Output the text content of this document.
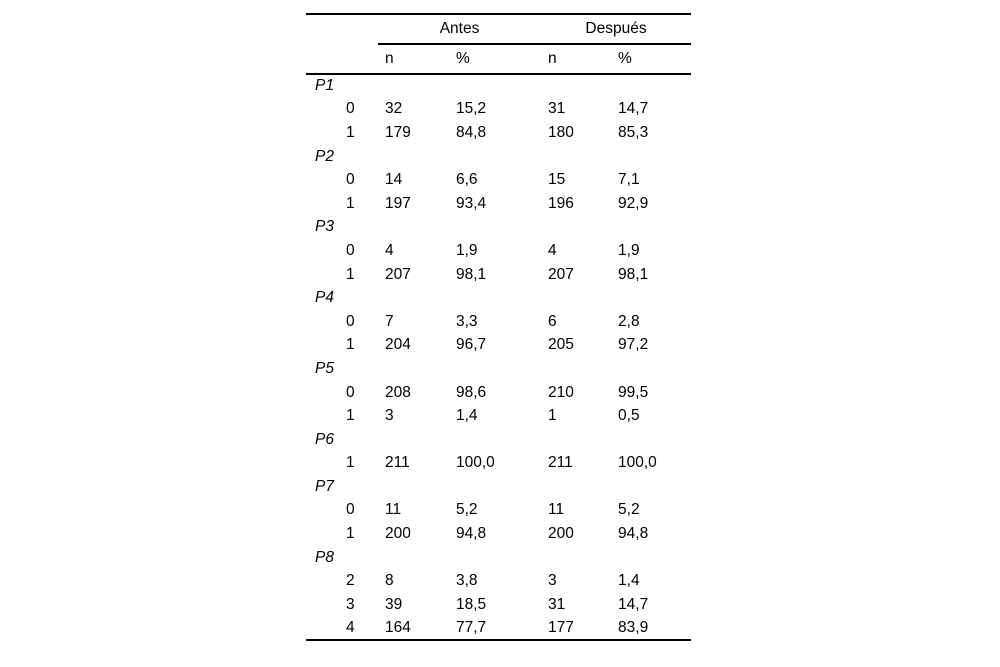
	Antes		Después	
	n	%	n	%
P1				
0	32	15,2	31	14,7
1	179	84,8	180	85,3
P2				
0	14	6,6	15	7,1
1	197	93,4	196	92,9
P3				
0	4	1,9	4	1,9
1	207	98,1	207	98,1
P4				
0	7	3,3	6	2,8
1	204	96,7	205	97,2
P5				
0	208	98,6	210	99,5
1	3	1,4	1	0,5
P6				
1	211	100,0	211	100,0
P7				
0	11	5,2	11	5,2
1	200	94,8	200	94,8
P8				
2	8	3,8	3	1,4
3	39	18,5	31	14,7
4	164	77,7	177	83,9
